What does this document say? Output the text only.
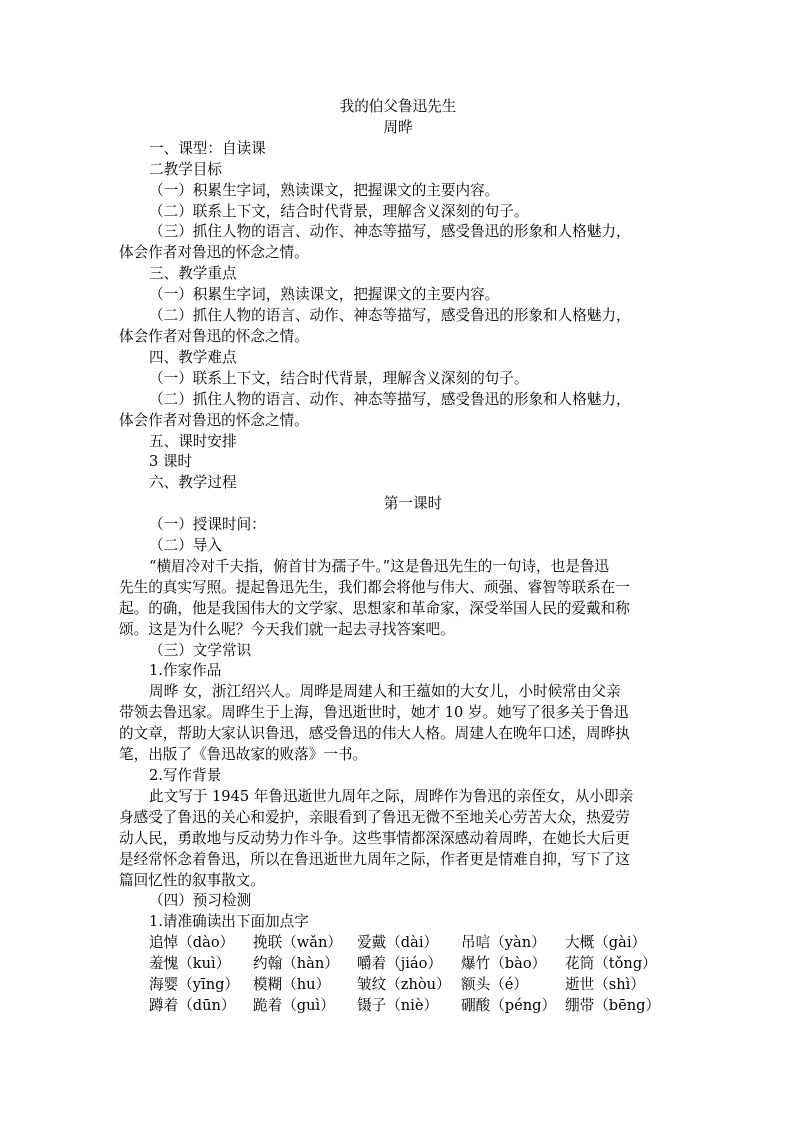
我的伯父鲁迅先生

周晔

一、课型：自读课

二教学目标

（一）积累生字词，熟读课文，把握课文的主要内容。

（二）联系上下文，结合时代背景，理解含义深刻的句子。

（三）抓住人物的语言、动作、神态等描写，感受鲁迅的形象和人格魅力，

体会作者对鲁迅的怀念之情。

三、教学重点

（一）积累生字词，熟读课文，把握课文的主要内容。

（二）抓住人物的语言、动作、神态等描写，感受鲁迅的形象和人格魅力，

体会作者对鲁迅的怀念之情。

四、教学难点

（一）联系上下文，结合时代背景，理解含义深刻的句子。

（二）抓住人物的语言、动作、神态等描写，感受鲁迅的形象和人格魅力，

体会作者对鲁迅的怀念之情。

五、课时安排

3 课时

六、教学过程

第一课时

（一）授课时间：

（二）导入

“横眉冷对千夫指，俯首甘为孺子牛。”这是鲁迅先生的一句诗，也是鲁迅

先生的真实写照。提起鲁迅先生，我们都会将他与伟大、顽强、睿智等联系在一

起。的确，他是我国伟大的文学家、思想家和革命家，深受举国人民的爱戴和称

颂。这是为什么呢？今天我们就一起去寻找答案吧。

（三）文学常识

1.作家作品

周晔 女，浙江绍兴人。周晔是周建人和王蕴如的大女儿，小时候常由父亲

带领去鲁迅家。周晔生于上海，鲁迅逝世时，她才 10 岁。她写了很多关于鲁迅

的文章，帮助大家认识鲁迅，感受鲁迅的伟大人格。周建人在晚年口述，周晔执

笔，出版了《鲁迅故家的败落》一书。

2.写作背景

此文写于 1945 年鲁迅逝世九周年之际，周晔作为鲁迅的亲侄女，从小即亲

身感受了鲁迅的关心和爱护，亲眼看到了鲁迅无微不至地关心劳苦大众，热爱劳

动人民，勇敢地与反动势力作斗争。这些事情都深深感动着周晔，在她长大后更

是经常怀念着鲁迅，所以在鲁迅逝世九周年之际，作者更是情难自抑，写下了这

篇回忆性的叙事散文。

（四）预习检测

1.请准确读出下面加点字

追悼（dào）	挽联（wǎn）	爱戴（dài）	吊唁（yàn）	大概（gài）
羞愧（kuì）	约翰（hàn）	嚼着（jiáo）	爆竹（bào）	花筒（tǒng）
海婴（yīng） 模糊（hu）	皱纹（zhòu） 额头（é）	逝世（shì）
蹲着（dūn）	跪着（guì）	镊子（niè）	硼酸（péng） 绷带（bēng）
